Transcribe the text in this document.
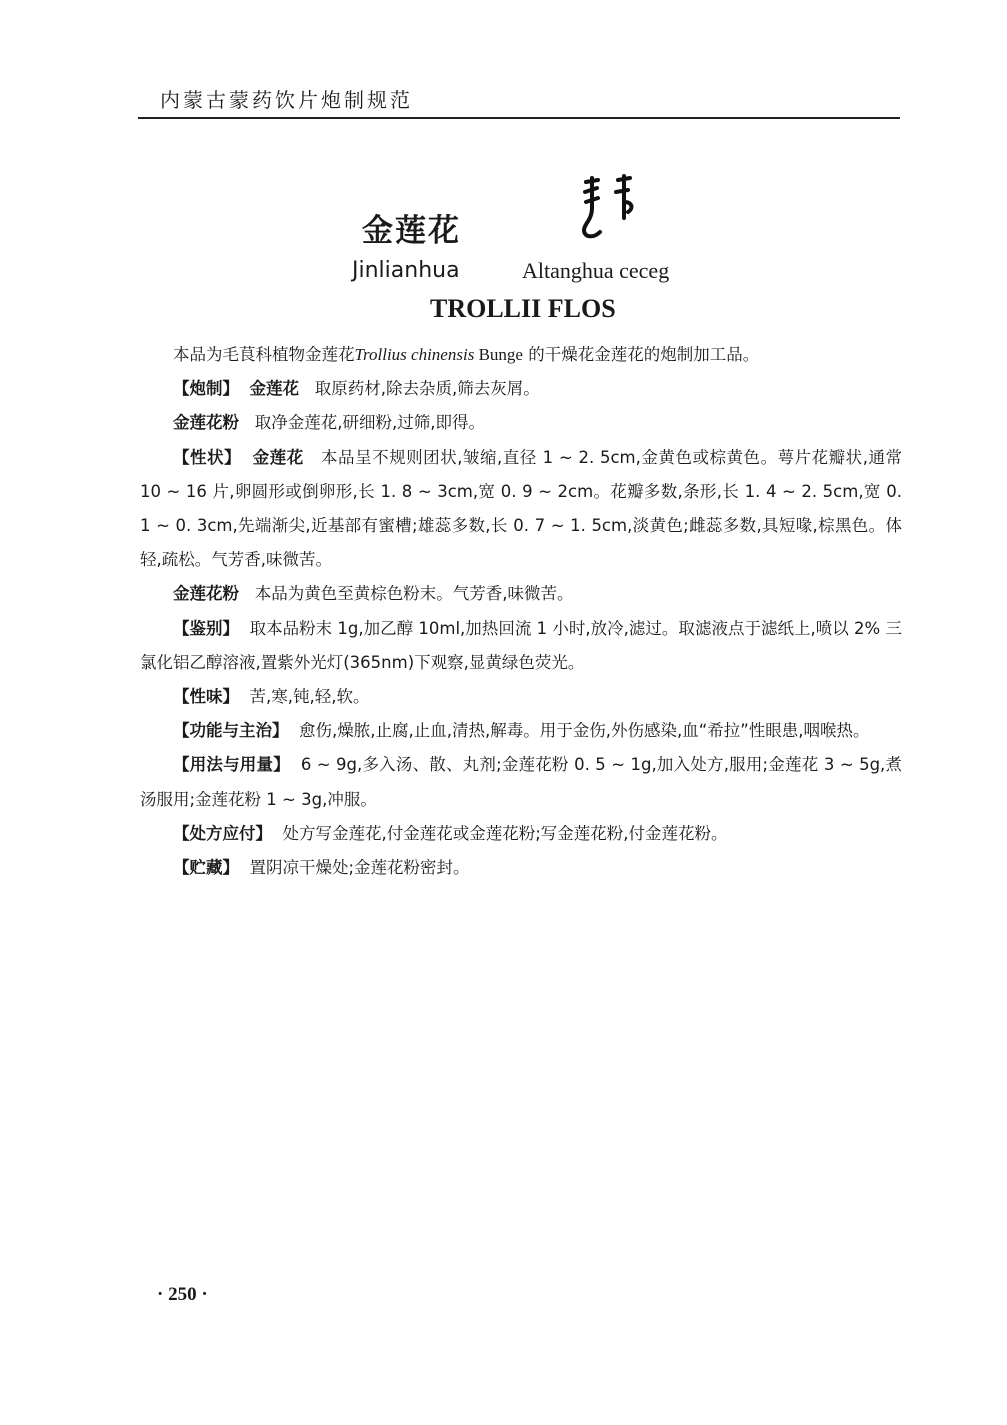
内蒙古蒙药饮片炮制规范
金莲花	ᠠᠯᠲᠠᠩᠬᠤᠸᠠ ᠴᠡᠴᠡᠭ
Jinlianhua	Altanghua ceceg
TROLLII FLOS

本品为毛茛科植物金莲花Trollius chinensis Bunge 的干燥花金莲花的炮制加工品。

【炮制】 金莲花 取原药材,除去杂质,筛去灰屑。

金莲花粉 取净金莲花,研细粉,过筛,即得。

【性状】 金莲花 本品呈不规则团状,皱缩,直径 1 ~ 2. 5cm,金黄色或棕黄色。萼片花瓣状,通常 10 ~ 16 片,卵圆形或倒卵形,长 1. 8 ~ 3cm,宽 0. 9 ~ 2cm。花瓣多数,条形,长 1. 4 ~ 2. 5cm,宽 0. 1 ~ 0. 3cm,先端渐尖,近基部有蜜槽;雄蕊多数,长 0. 7 ~ 1. 5cm,淡黄色;雌蕊多数,具短喙,棕黑色。体轻,疏松。气芳香,味微苦。

金莲花粉 本品为黄色至黄棕色粉末。气芳香,味微苦。

【鉴别】 取本品粉末 1g,加乙醇 10ml,加热回流 1 小时,放冷,滤过。取滤液点于滤纸上,喷以 2% 三氯化铝乙醇溶液,置紫外光灯(365nm)下观察,显黄绿色荧光。

【性味】 苦,寒,钝,轻,软。

【功能与主治】 愈伤,燥脓,止腐,止血,清热,解毒。用于金伤,外伤感染,血“希拉”性眼患,咽喉热。

【用法与用量】 6 ~ 9g,多入汤、散、丸剂;金莲花粉 0. 5 ~ 1g,加入处方,服用;金莲花 3 ~ 5g,煮汤服用;金莲花粉 1 ~ 3g,冲服。

【处方应付】 处方写金莲花,付金莲花或金莲花粉;写金莲花粉,付金莲花粉。

【贮藏】 置阴凉干燥处;金莲花粉密封。

· 250 ·
